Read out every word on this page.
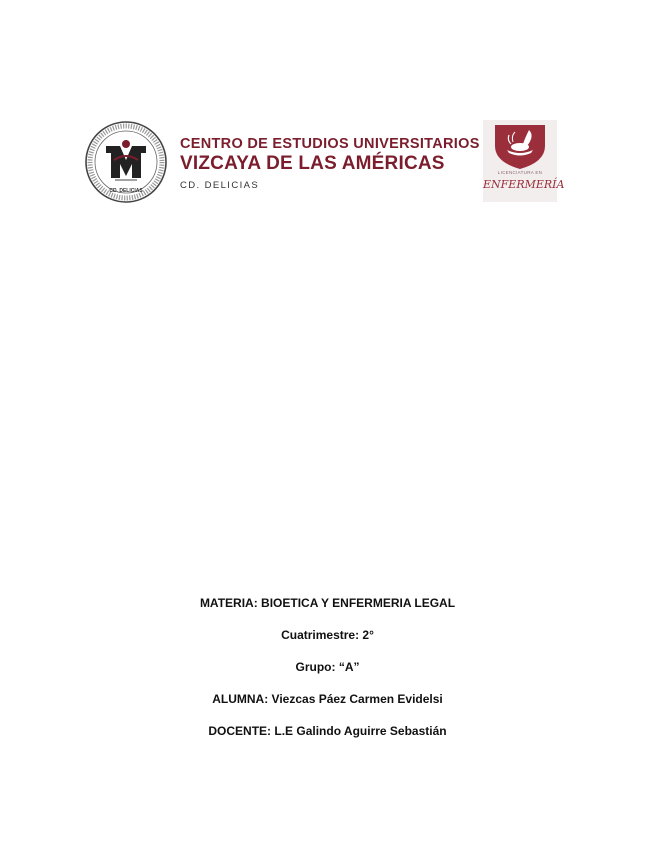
CD. DELICIAS
CENTRO DE ESTUDIOS UNIVERSITARIOS
VIZCAYA DE LAS AMÉRICAS
CD. DELICIAS
LICENCIATURA EN
ENFERMERÍA

MATERIA: BIOETICA Y ENFERMERIA LEGAL

Cuatrimestre: 2°

Grupo: “A”

ALUMNA: Viezcas Páez Carmen Evidelsi

DOCENTE: L.E Galindo Aguirre Sebastián
